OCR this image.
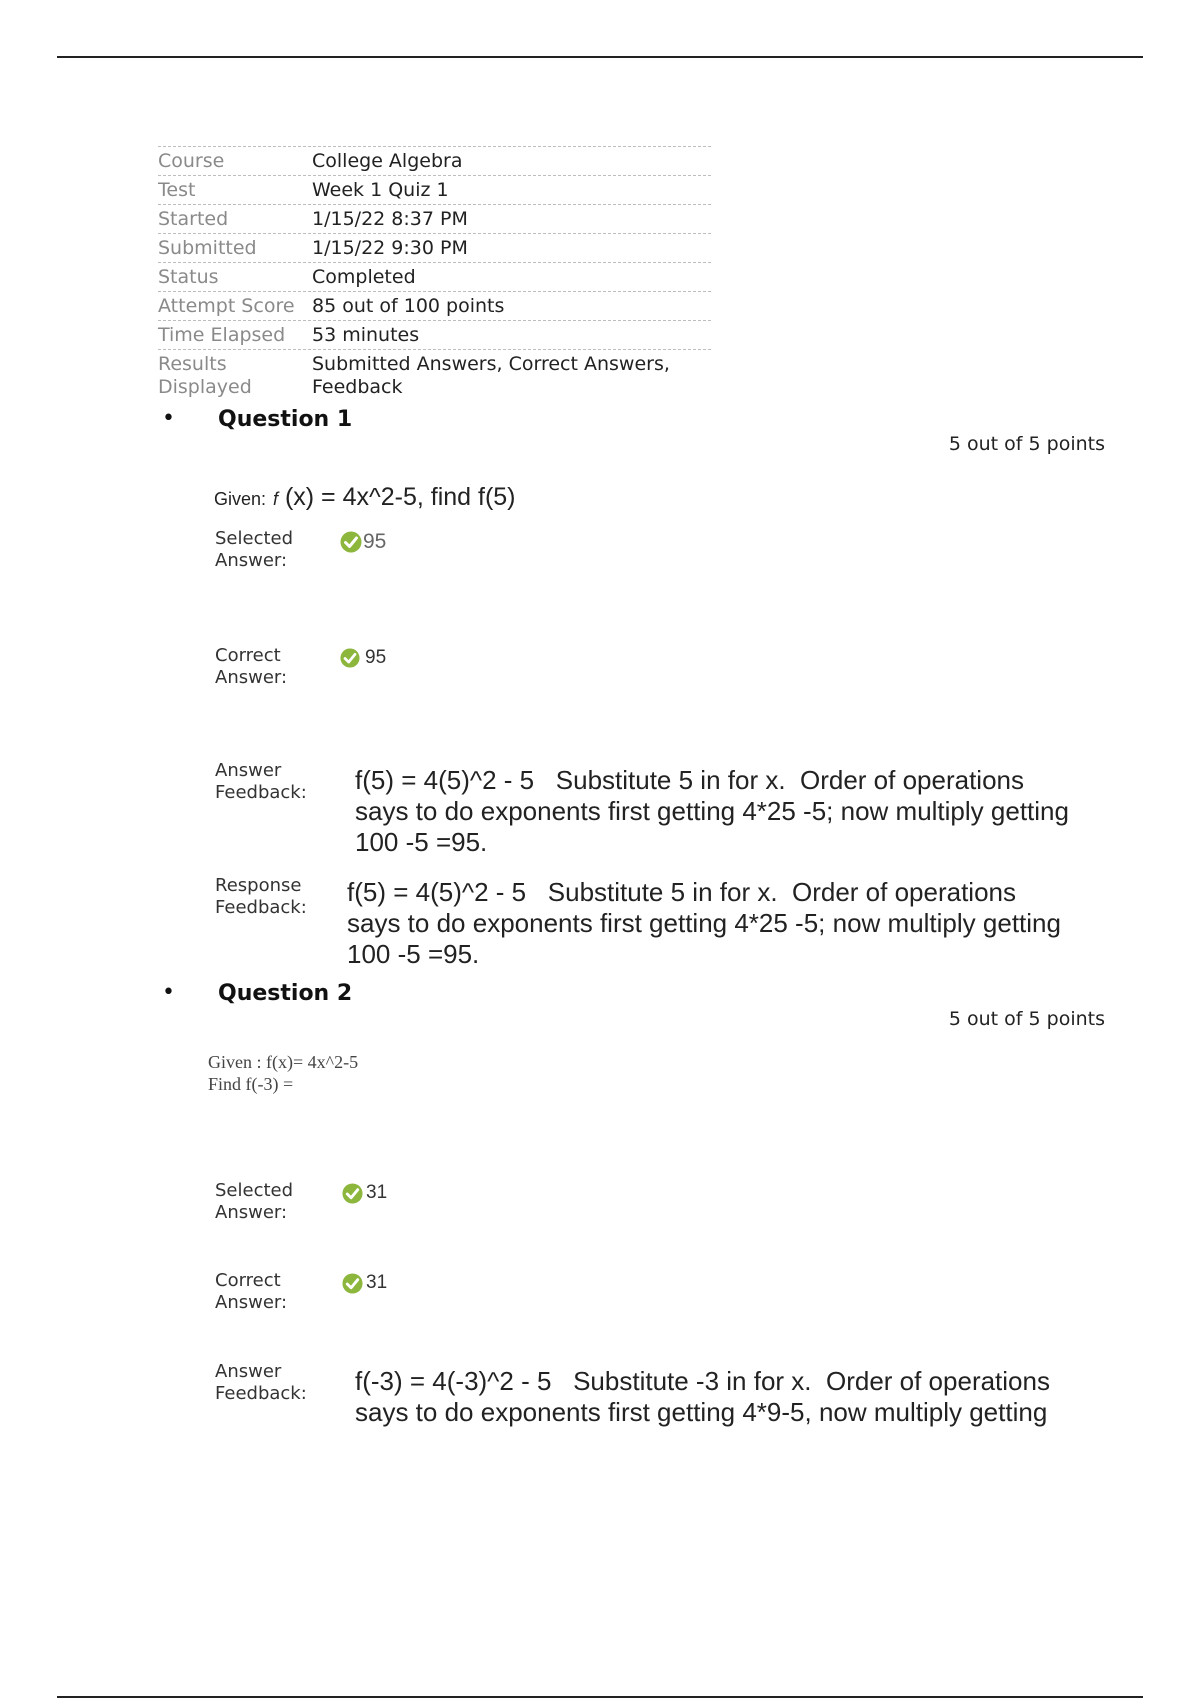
Course	College Algebra
Test	Week 1 Quiz 1
Started	1/15/22 8:37 PM
Submitted	1/15/22 9:30 PM
Status	Completed
Attempt Score 85 out of 100 points
Time Elapsed	53 minutes
Results
Displayed
Submitted Answers, Correct Answers,
Feedback
• Question 1
5 out of 5 points
Given: f (x) = 4x^2-5, find f(5)
Selected
Answer:
95
Correct
Answer:
95
Answer
Feedback: f(5) = 4(5)^2 - 5   Substitute 5 in for x.  Order of operations
says to do exponents first getting 4*25 -5; now multiply getting
100 -5 =95.
Response
Feedback:
f(5) = 4(5)^2 - 5   Substitute 5 in for x.  Order of operations
says to do exponents first getting 4*25 -5; now multiply getting
100 -5 =95.
• Question 2
5 out of 5 points
Given : f(x)= 4x^2-5
Find f(-3) =
Selected
Answer:
31
Correct
Answer:
31
Answer
Feedback: f(-3) = 4(-3)^2 - 5   Substitute -3 in for x.  Order of operations
says to do exponents first getting 4*9-5, now multiply getting
